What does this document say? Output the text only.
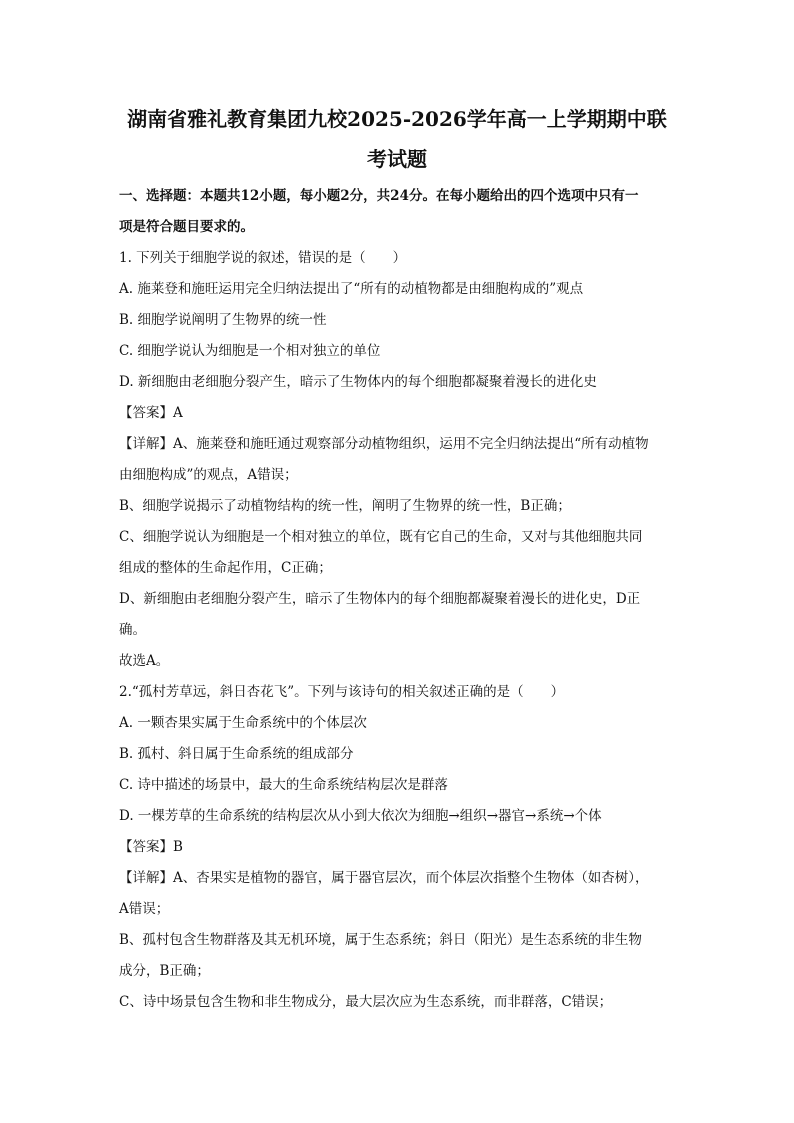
湖南省雅礼教育集团九校2025-2026学年高一上学期期中联
考试题
一、选择题：本题共12小题，每小题2分，共24分。在每小题给出的四个选项中只有一
项是符合题目要求的。
1. 下列关于细胞学说的叙述，错误的是（　　）
A. 施莱登和施旺运用完全归纳法提出了“所有的动植物都是由细胞构成的”观点
B. 细胞学说阐明了生物界的统一性
C. 细胞学说认为细胞是一个相对独立的单位
D. 新细胞由老细胞分裂产生，暗示了生物体内的每个细胞都凝聚着漫长的进化史
【答案】A
【详解】A、施莱登和施旺通过观察部分动植物组织，运用不完全归纳法提出“所有动植物
由细胞构成”的观点，A错误；
B、细胞学说揭示了动植物结构的统一性，阐明了生物界的统一性，B正确；
C、细胞学说认为细胞是一个相对独立的单位，既有它自己的生命，又对与其他细胞共同
组成的整体的生命起作用，C正确；
D、新细胞由老细胞分裂产生，暗示了生物体内的每个细胞都凝聚着漫长的进化史，D正
确。
故选A。
2.“孤村芳草远，斜日杏花飞”。下列与该诗句的相关叙述正确的是（　　）
A. 一颗杏果实属于生命系统中的个体层次
B. 孤村、斜日属于生命系统的组成部分
C. 诗中描述的场景中，最大的生命系统结构层次是群落
D. 一棵芳草的生命系统的结构层次从小到大依次为细胞→组织→器官→系统→个体
【答案】B
【详解】A、杏果实是植物的器官，属于器官层次，而个体层次指整个生物体（如杏树），
A错误；
B、孤村包含生物群落及其无机环境，属于生态系统；斜日（阳光）是生态系统的非生物
成分，B正确；
C、诗中场景包含生物和非生物成分，最大层次应为生态系统，而非群落，C错误；
